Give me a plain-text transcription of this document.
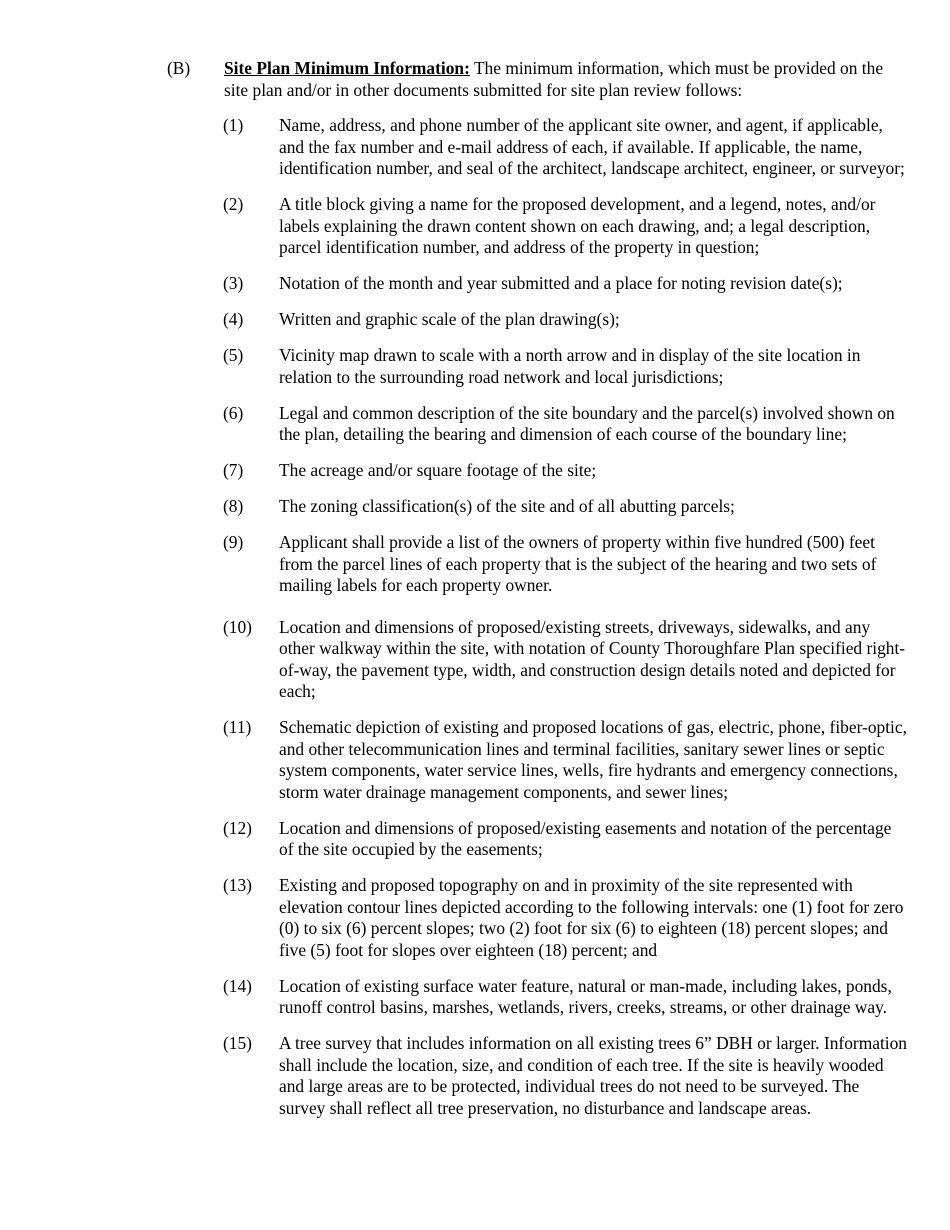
(B) Site Plan Minimum Information: The minimum information, which must be provided on the site plan and/or in other documents submitted for site plan review follows:
(1) Name, address, and phone number of the applicant site owner, and agent, if applicable, and the fax number and e-mail address of each, if available. If applicable, the name, identification number, and seal of the architect, landscape architect, engineer, or surveyor;
(2) A title block giving a name for the proposed development, and a legend, notes, and/or labels explaining the drawn content shown on each drawing, and; a legal description, parcel identification number, and address of the property in question;
(3) Notation of the month and year submitted and a place for noting revision date(s);
(4) Written and graphic scale of the plan drawing(s);
(5) Vicinity map drawn to scale with a north arrow and in display of the site location in relation to the surrounding road network and local jurisdictions;
(6) Legal and common description of the site boundary and the parcel(s) involved shown on the plan, detailing the bearing and dimension of each course of the boundary line;
(7) The acreage and/or square footage of the site;
(8) The zoning classification(s) of the site and of all abutting parcels;
(9) Applicant shall provide a list of the owners of property within five hundred (500) feet from the parcel lines of each property that is the subject of the hearing and two sets of mailing labels for each property owner.
(10) Location and dimensions of proposed/existing streets, driveways, sidewalks, and any other walkway within the site, with notation of County Thoroughfare Plan specified right-of-way, the pavement type, width, and construction design details noted and depicted for each;
(11) Schematic depiction of existing and proposed locations of gas, electric, phone, fiber-optic, and other telecommunication lines and terminal facilities, sanitary sewer lines or septic system components, water service lines, wells, fire hydrants and emergency connections, storm water drainage management components, and sewer lines;
(12) Location and dimensions of proposed/existing easements and notation of the percentage of the site occupied by the easements;
(13) Existing and proposed topography on and in proximity of the site represented with elevation contour lines depicted according to the following intervals: one (1) foot for zero (0) to six (6) percent slopes; two (2) foot for six (6) to eighteen (18) percent slopes; and five (5) foot for slopes over eighteen (18) percent; and
(14) Location of existing surface water feature, natural or man-made, including lakes, ponds, runoff control basins, marshes, wetlands, rivers, creeks, streams, or other drainage way.
(15) A tree survey that includes information on all existing trees 6” DBH or larger. Information shall include the location, size, and condition of each tree. If the site is heavily wooded and large areas are to be protected, individual trees do not need to be surveyed. The survey shall reflect all tree preservation, no disturbance and landscape areas.
